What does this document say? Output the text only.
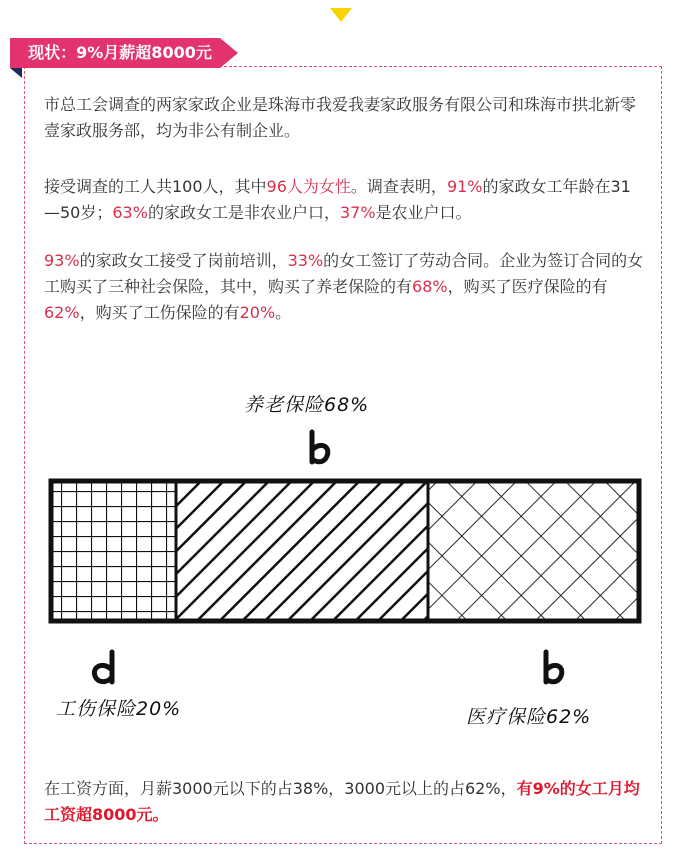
现状：9%月薪超8000元

市总工会调查的两家家政企业是珠海市我爱我妻家政服务有限公司和珠海市拱北新零壹家政服务部，均为非公有制企业。

接受调查的工人共100人，其中96人为女性。调查表明，91%的家政女工年龄在31—50岁；63%的家政女工是非农业户口，37%是农业户口。

93%的家政女工接受了岗前培训，33%的女工签订了劳动合同。企业为签订合同的女工购买了三种社会保险，其中，购买了养老保险的有68%，购买了医疗保险的有62%，购买了工伤保险的有20%。

养老保险68%
工伤保险20%	医疗保险62%

在工资方面，月薪3000元以下的占38%，3000元以上的占62%，有9%的女工月均工资超8000元。
